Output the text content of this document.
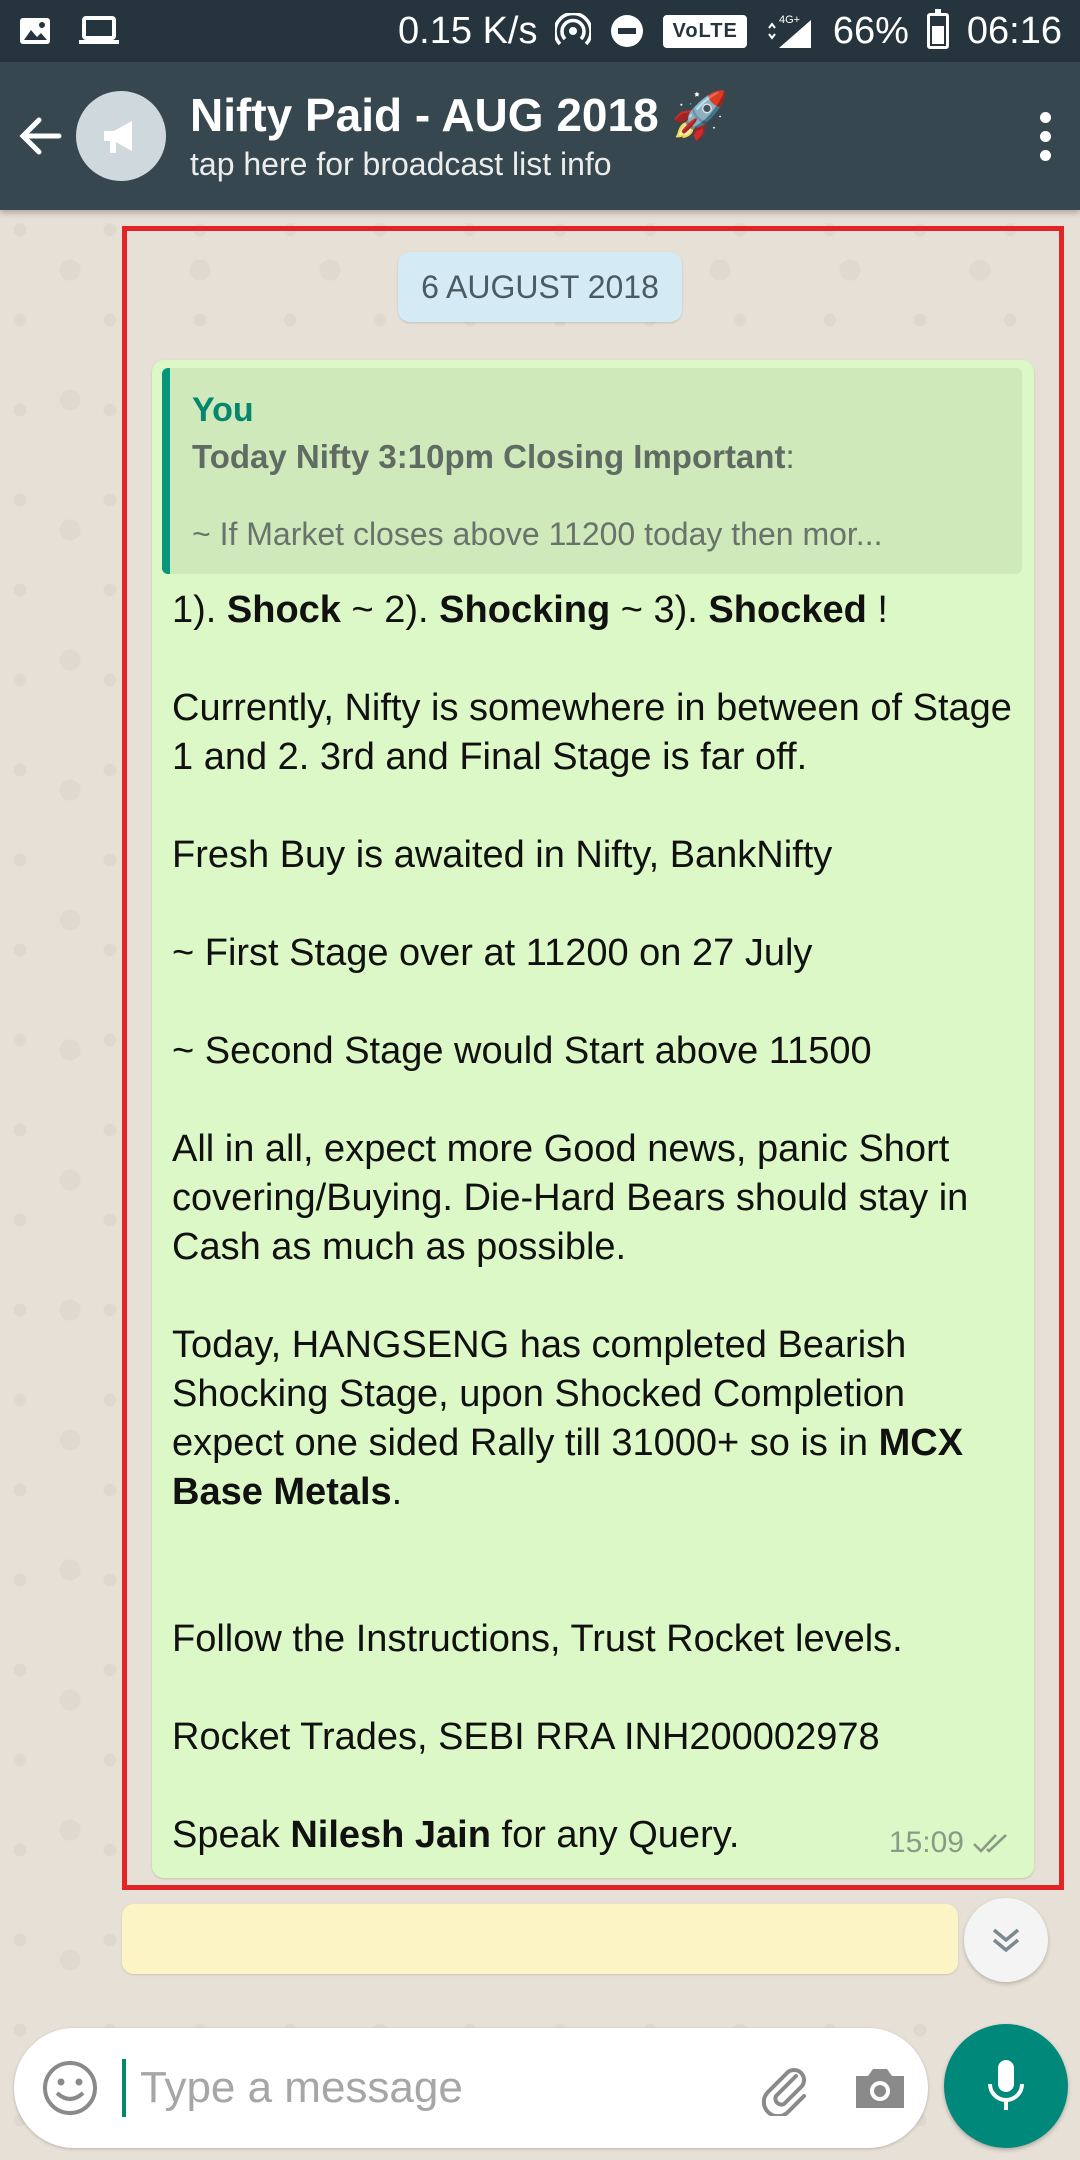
0.15 K/s	VoLTE	4G+ 66% 06:16
Nifty Paid - AUG 2018 🚀
tap here for broadcast list info
6 AUGUST 2018
You
Today Nifty 3:10pm Closing Important:
~ If Market closes above 11200 today then mor...

1). Shock ~ 2). Shocking ~ 3). Shocked !

Currently, Nifty is somewhere in between of Stage 1 and 2. 3rd and Final Stage is far off.

Fresh Buy is awaited in Nifty, BankNifty

~ First Stage over at 11200 on 27 July

~ Second Stage would Start above 11500

All in all, expect more Good news, panic Short covering/Buying. Die-Hard Bears should stay in Cash as much as possible.

Today, HANGSENG has completed Bearish Shocking Stage, upon Shocked Completion expect one sided Rally till 31000+ so is in MCX Base Metals.

Follow the Instructions, Trust Rocket levels.

Rocket Trades, SEBI RRA INH200002978

Speak Nilesh Jain for any Query.	15:09
Type a message
